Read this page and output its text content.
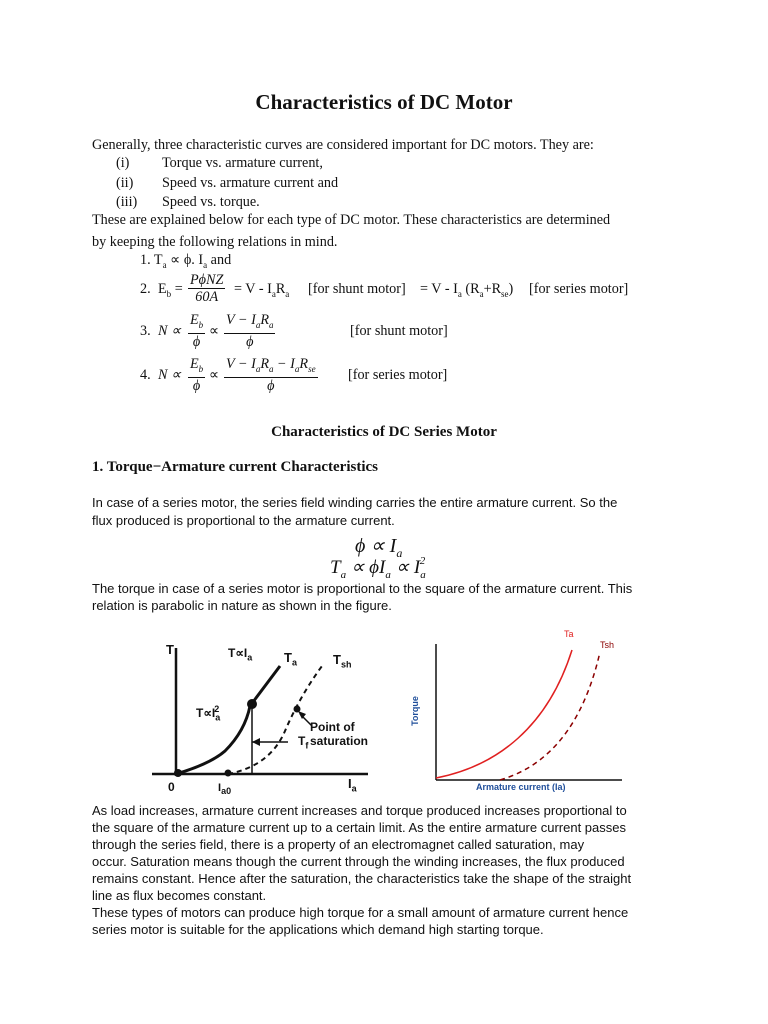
Characteristics of DC Motor
Generally, three characteristic curves are considered important for DC motors. They are:
(i) Torque vs. armature current,
(ii) Speed vs. armature current and
(iii) Speed vs. torque.
These are explained below for each type of DC motor. These characteristics are determined
by keeping the following relations in mind.
1. $T_a \propto \phi$. $I_a$ and
2. $E_b$ =
PϕNZ
60A	= V - $I_aR_a$ [for shunt motor] = V - $I_a$ $(R_a+R_{se})$ [for series motor]
3. $N \propto \frac{E_b}{\phi}$ ∝
$V - I_aR_a$
ϕ
[for shunt motor]
4. $N \propto \frac{E_b}{\phi}$ ∝
$V - I_aR_a - I_aR_{se}$
ϕ
[for series motor]
Characteristics of DC Series Motor
1. Torque−Armature current Characteristics
In case of a series motor, the series field winding carries the entire armature current. So the
flux produced is proportional to the armature current.
$\phi \propto I_a$
$T_a \propto \phi I_a \propto I_a^2$
The torque in case of a series motor is proportional to the square of the armature current. This
relation is parabolic in nature as shown in the figure.
T
$I_a$
0
$T\propto I_a$ $T_a$	$T_{sh}$
$T\propto I_a^2$
Point of
saturation
$T_f$
$I_{a0}$
Ta
Tsh
Torque
Armature current (Ia)
As load increases, armature current increases and torque produced increases proportional to
the square of the armature current up to a certain limit. As the entire armature current passes
through the series field, there is a property of an electromagnet called saturation, may
occur. Saturation means though the current through the winding increases, the flux produced
remains constant. Hence after the saturation, the characteristics take the shape of the straight
line as flux becomes constant.
These types of motors can produce high torque for a small amount of armature current hence
series motor is suitable for the applications which demand high starting torque.
